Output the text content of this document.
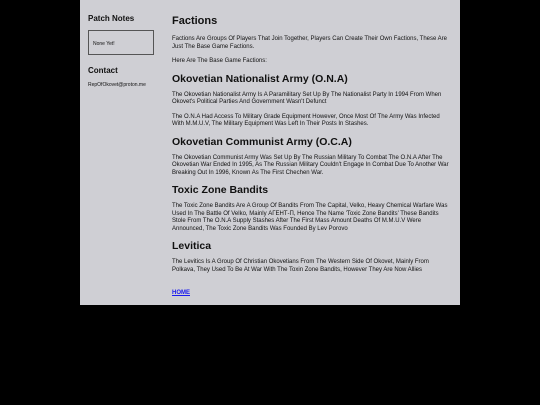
Patch Notes
None Yet!
Contact
RepOfOkovet@proton.me
Factions

Factions Are Groups Of Players That Join Together, Players Can Create Their Own Factions, These Are Just The Base Game Factions.

Here Are The Base Game Factions:

Okovetian Nationalist Army (O.N.A)

The Okovetian Nationalist Army Is A Paramilitary Set Up By The Nationalist Party In 1994 From When Okovet's Political Parties And Government Wasn't Defunct

The O.N.A Had Access To Military Grade Equipment However, Once Most Of The Army Was Infected With M.M.U.V, The Military Equipment Was Left In Their Posts In Stashes.

Okovetian Communist Army (O.C.A)

The Okovetian Communist Army Was Set Up By The Russian Military To Combat The O.N.A After The Okovetian War Ended In 1995, As The Russian Military Couldn't Engage In Combat Due To Another War Breaking Out In 1996, Known As The First Chechen War.

Toxic Zone Bandits

The Toxic Zone Bandits Are A Group Of Bandits From The Capital, Velko, Heavy Chemical Warfare Was Used In The Battle Of Velko, Mainly АГЕНТ-П, Hence The Name 'Toxic Zone Bandits' These Bandits Stole From The O.N.A Supply Stashes After The First Mass Amount Deaths Of M.M.U.V Were Announced, The Toxic Zone Bandits Was Founded By Lev Porovo

Levitica

The Levitics Is A Group Of Christian Okovetians From The Western Side Of Okovet, Mainly From Polkava, They Used To Be At War With The Toxin Zone Bandits, However They Are Now Allies

HOME
